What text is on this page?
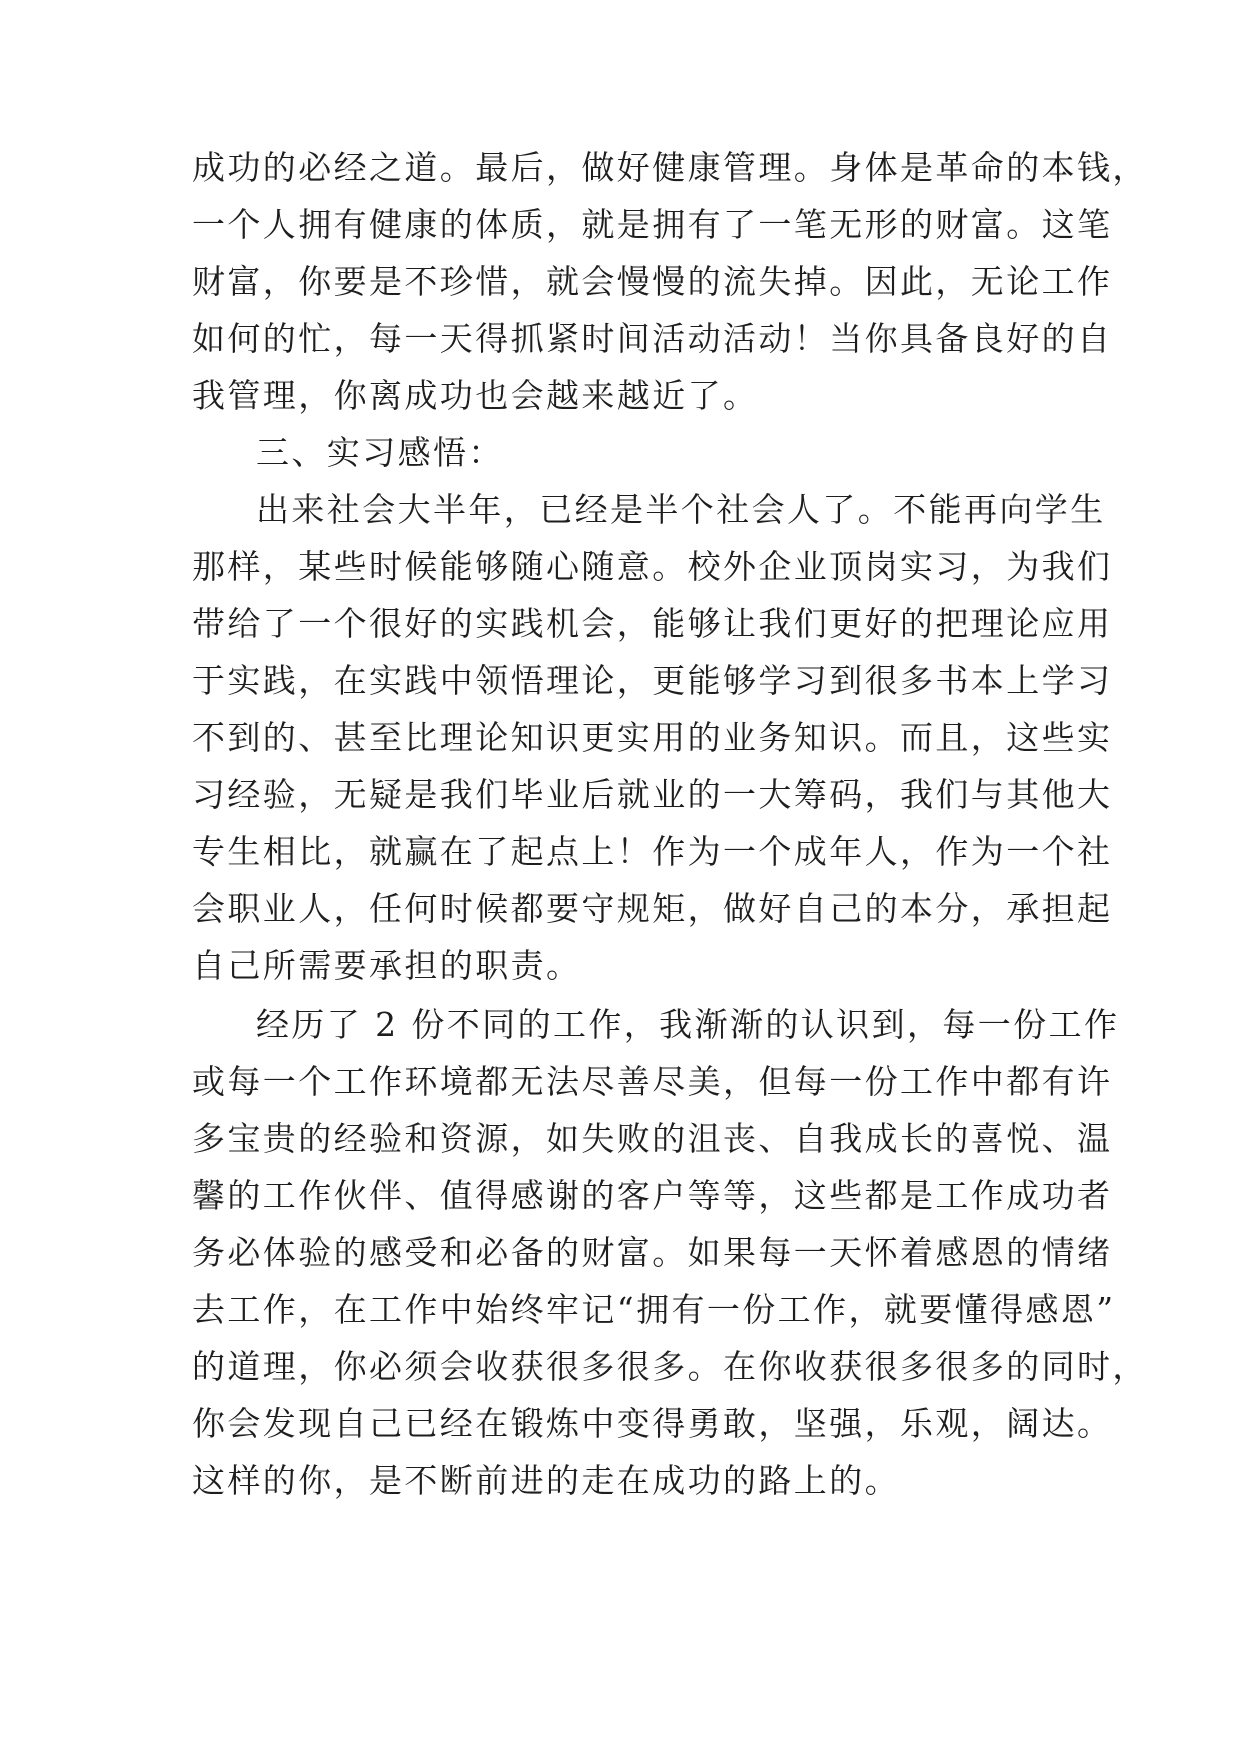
成功的必经之道。最后，做好健康管理。身体是革命的本钱，
一个人拥有健康的体质，就是拥有了一笔无形的财富。这笔
财富，你要是不珍惜，就会慢慢的流失掉。因此，无论工作
如何的忙，每一天得抓紧时间活动活动！当你具备良好的自
我管理，你离成功也会越来越近了。
三、实习感悟：
出来社会大半年，已经是半个社会人了。不能再向学生
那样，某些时候能够随心随意。校外企业顶岗实习，为我们
带给了一个很好的实践机会，能够让我们更好的把理论应用
于实践，在实践中领悟理论，更能够学习到很多书本上学习
不到的、甚至比理论知识更实用的业务知识。而且，这些实
习经验，无疑是我们毕业后就业的一大筹码，我们与其他大
专生相比，就赢在了起点上！作为一个成年人，作为一个社
会职业人，任何时候都要守规矩，做好自己的本分，承担起
自己所需要承担的职责。
经历了 2 份不同的工作，我渐渐的认识到，每一份工作
或每一个工作环境都无法尽善尽美，但每一份工作中都有许
多宝贵的经验和资源，如失败的沮丧、自我成长的喜悦、温
馨的工作伙伴、值得感谢的客户等等，这些都是工作成功者
务必体验的感受和必备的财富。如果每一天怀着感恩的情绪
去工作，在工作中始终牢记“拥有一份工作，就要懂得感恩”
的道理，你必须会收获很多很多。在你收获很多很多的同时，
你会发现自己已经在锻炼中变得勇敢，坚强，乐观，阔达。
这样的你，是不断前进的走在成功的路上的。
